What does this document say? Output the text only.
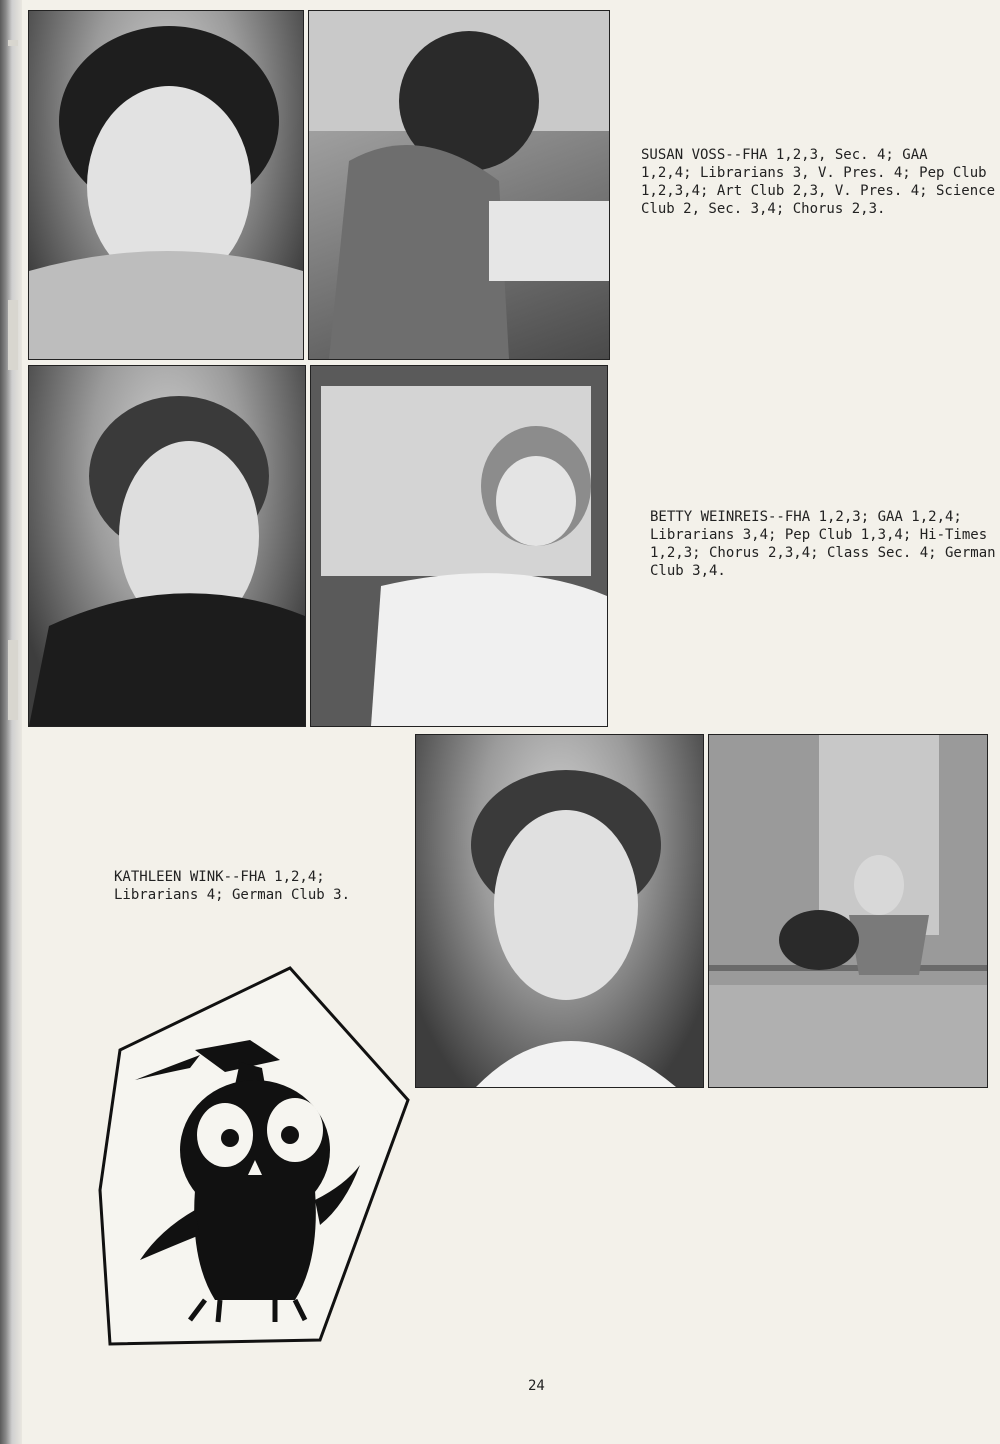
SUSAN VOSS--FHA 1,2,3, Sec. 4; GAA
1,2,4; Librarians 3, V. Pres. 4; Pep Club
1,2,3,4; Art Club 2,3, V. Pres. 4; Science
Club 2, Sec. 3,4; Chorus 2,3.

BETTY WEINREIS--FHA 1,2,3; GAA 1,2,4;
Librarians 3,4; Pep Club 1,3,4; Hi-Times
1,2,3; Chorus 2,3,4; Class Sec. 4; German
Club 3,4.

KATHLEEN WINK--FHA 1,2,4;
Librarians 4; German Club 3.

24
